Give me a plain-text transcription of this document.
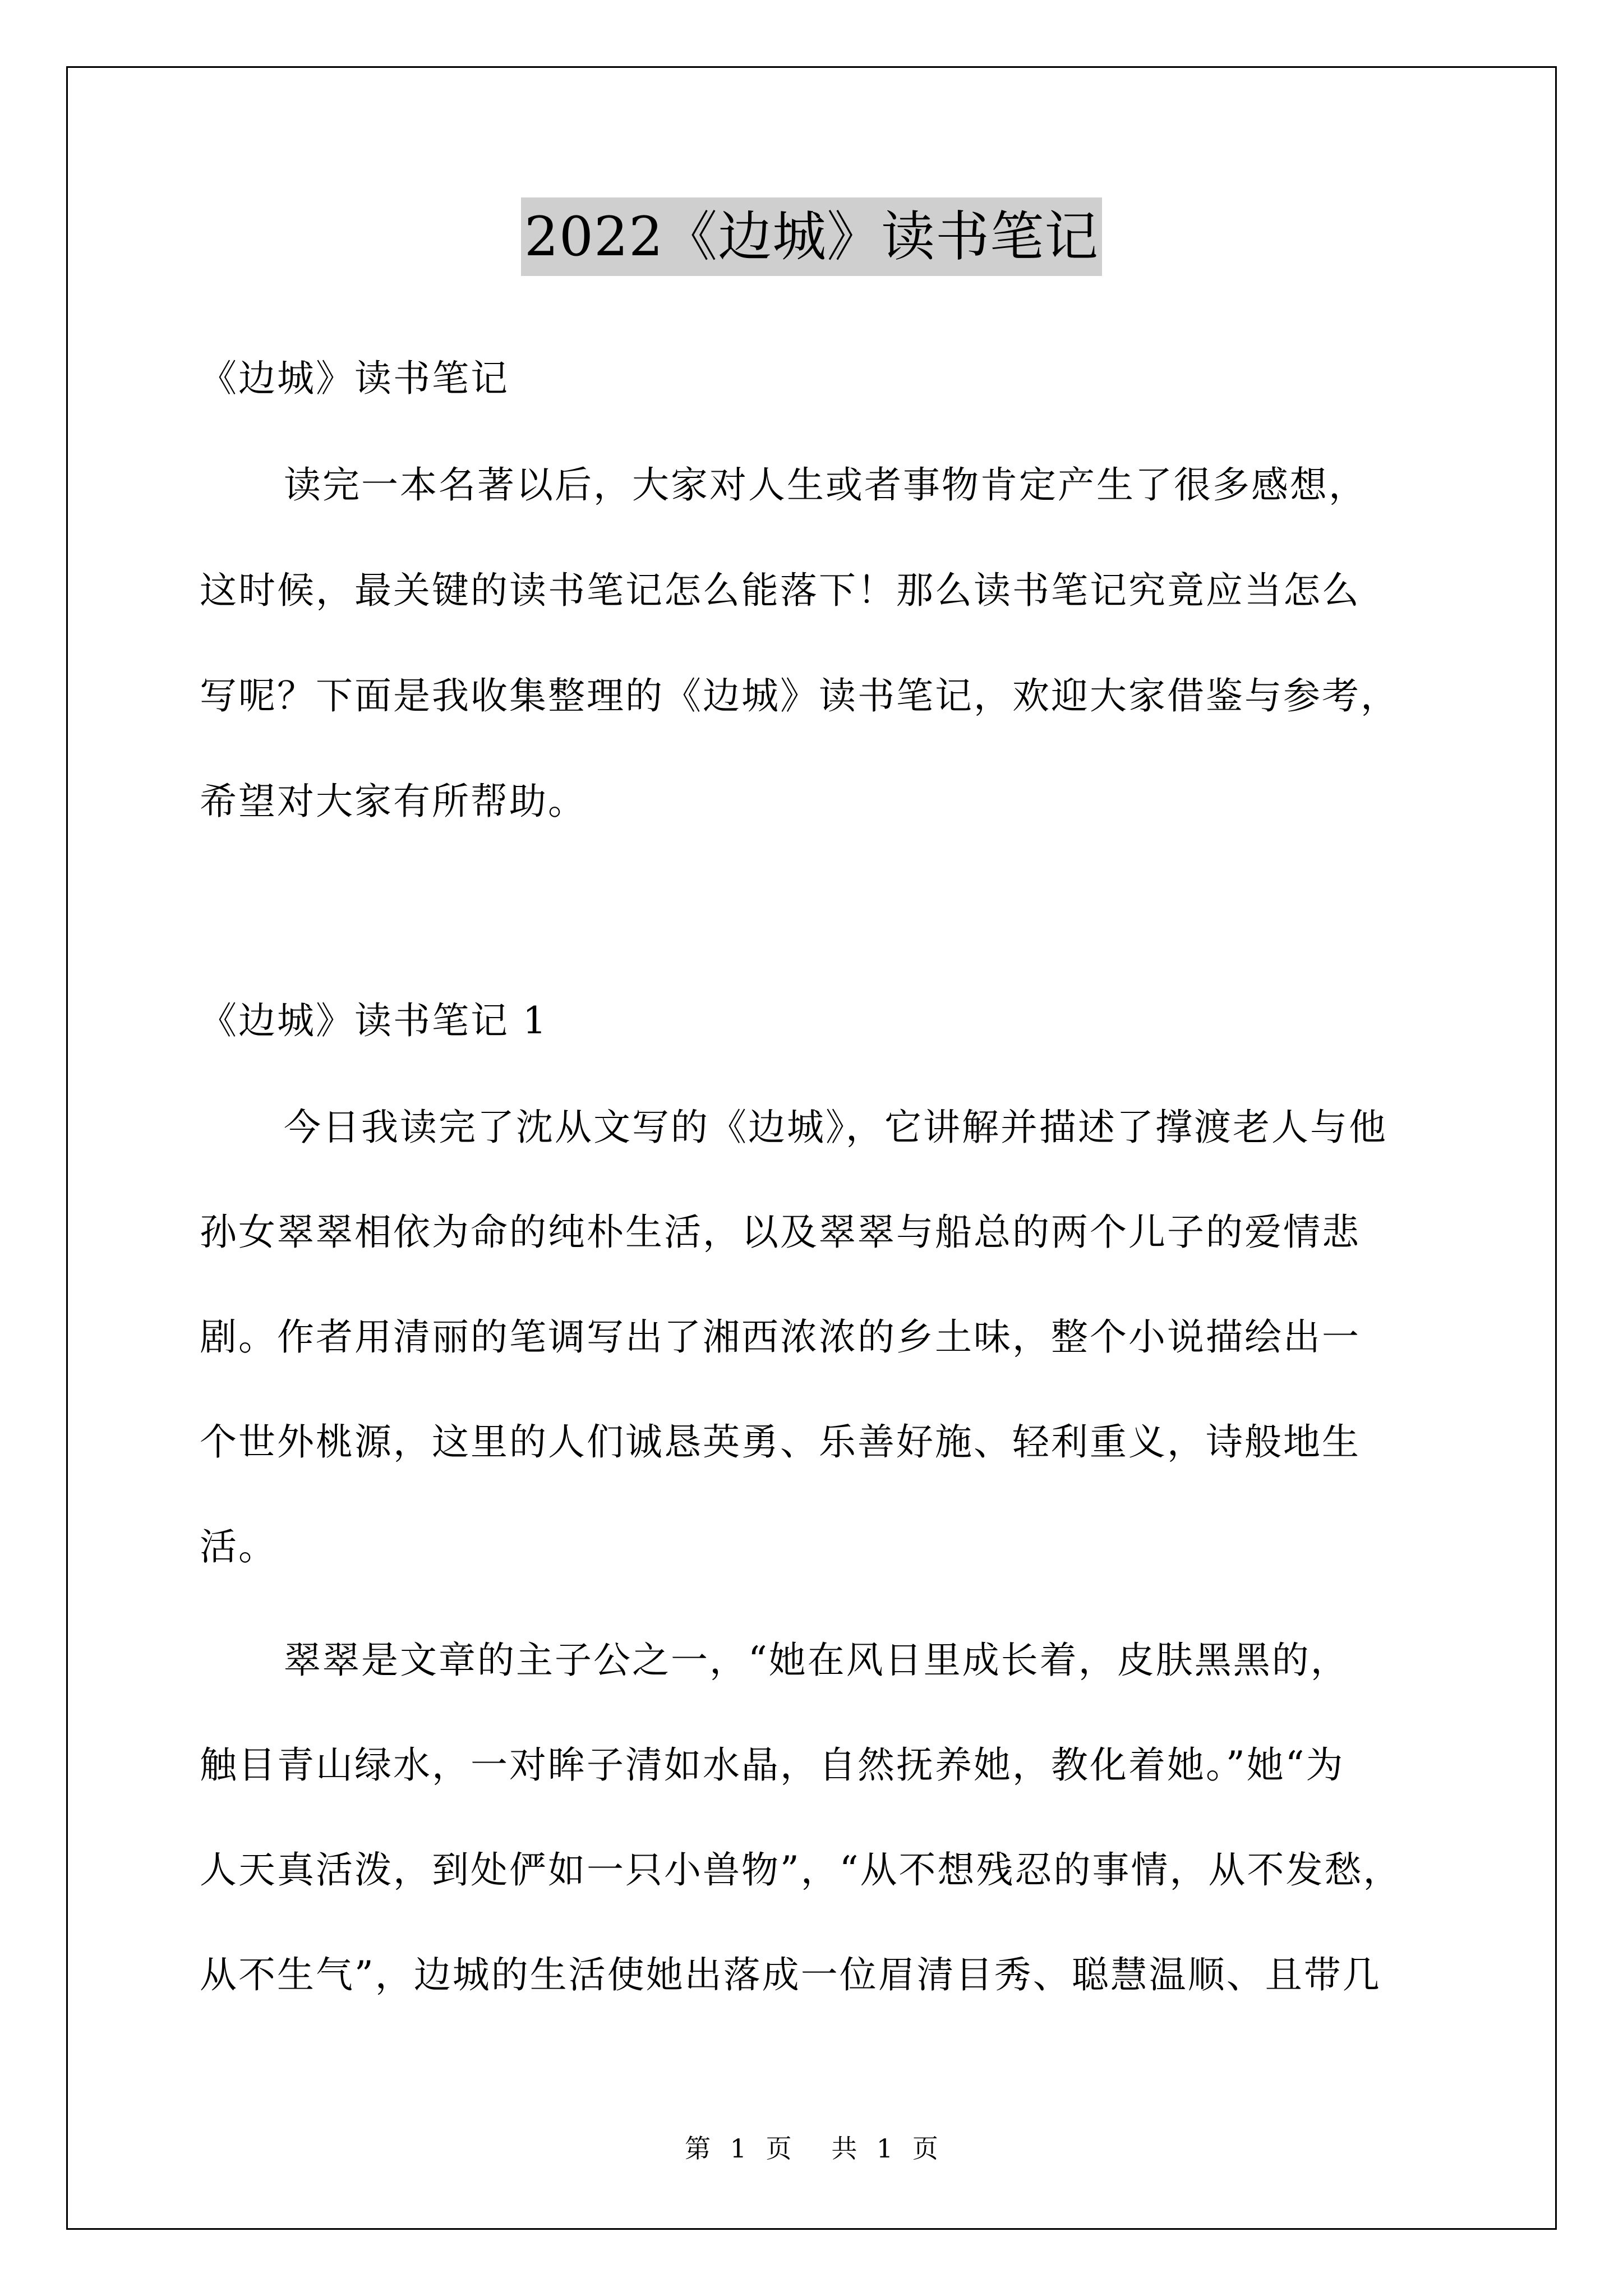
2022《边城》读书笔记
《边城》读书笔记
读完一本名著以后，大家对人生或者事物肯定产生了很多感想，
这时候，最关键的读书笔记怎么能落下！那么读书笔记究竟应当怎么
写呢？下面是我收集整理的《边城》读书笔记，欢迎大家借鉴与参考，
希望对大家有所帮助。
《边城》读书笔记 1
今日我读完了沈从文写的《边城》，它讲解并描述了撑渡老人与他
孙女翠翠相依为命的纯朴生活，以及翠翠与船总的两个儿子的爱情悲
剧。作者用清丽的笔调写出了湘西浓浓的乡土味，整个小说描绘出一
个世外桃源，这里的人们诚恳英勇、乐善好施、轻利重义，诗般地生
活。
翠翠是文章的主子公之一，“她在风日里成长着，皮肤黑黑的，
触目青山绿水，一对眸子清如水晶，自然抚养她，教化着她。”她“为
人天真活泼，到处俨如一只小兽物”，“从不想残忍的事情，从不发愁，
从不生气”，边城的生活使她出落成一位眉清目秀、聪慧温顺、且带几
第 1 页 共 1 页
